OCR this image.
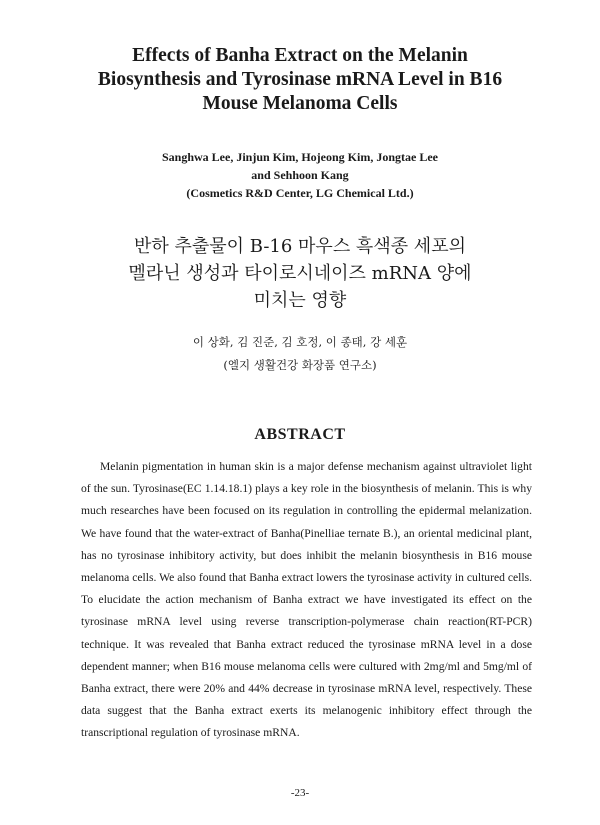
Effects of Banha Extract on the Melanin
Biosynthesis and Tyrosinase mRNA Level in B16
Mouse Melanoma Cells
Sanghwa Lee, Jinjun Kim, Hojeong Kim, Jongtae Lee
and Sehhoon Kang
(Cosmetics R&D Center, LG Chemical Ltd.)
반하 추출물이 B-16 마우스 흑색종 세포의
멜라닌 생성과 타이로시네이즈 mRNA 양에
미치는 영향
이 상화, 김 진준, 김 호정, 이 종태, 강 세훈
(엘지 생활건강 화장품 연구소)
ABSTRACT
Melanin pigmentation in human skin is a major defense mechanism against ultraviolet light of the sun. Tyrosinase(EC 1.14.18.1) plays a key role in the biosynthesis of melanin. This is why much researches have been focused on its regulation in controlling the epidermal melanization. We have found that the water-extract of Banha(Pinelliae ternate B.), an oriental medicinal plant, has no tyrosinase inhibitory activity, but does inhibit the melanin biosynthesis in B16 mouse melanoma cells. We also found that Banha extract lowers the tyrosinase activity in cultured cells. To elucidate the action mechanism of Banha extract we have investigated its effect on the tyrosinase mRNA level using reverse transcription-polymerase chain reaction(RT-PCR) technique. It was revealed that Banha extract reduced the tyrosinase mRNA level in a dose dependent manner; when B16 mouse melanoma cells were cultured with 2mg/ml and 5mg/ml of Banha extract, there were 20% and 44% decrease in tyrosinase mRNA level, respectively. These data suggest that the Banha extract exerts its melanogenic inhibitory effect through the transcriptional regulation of tyrosinase mRNA.
-23-
